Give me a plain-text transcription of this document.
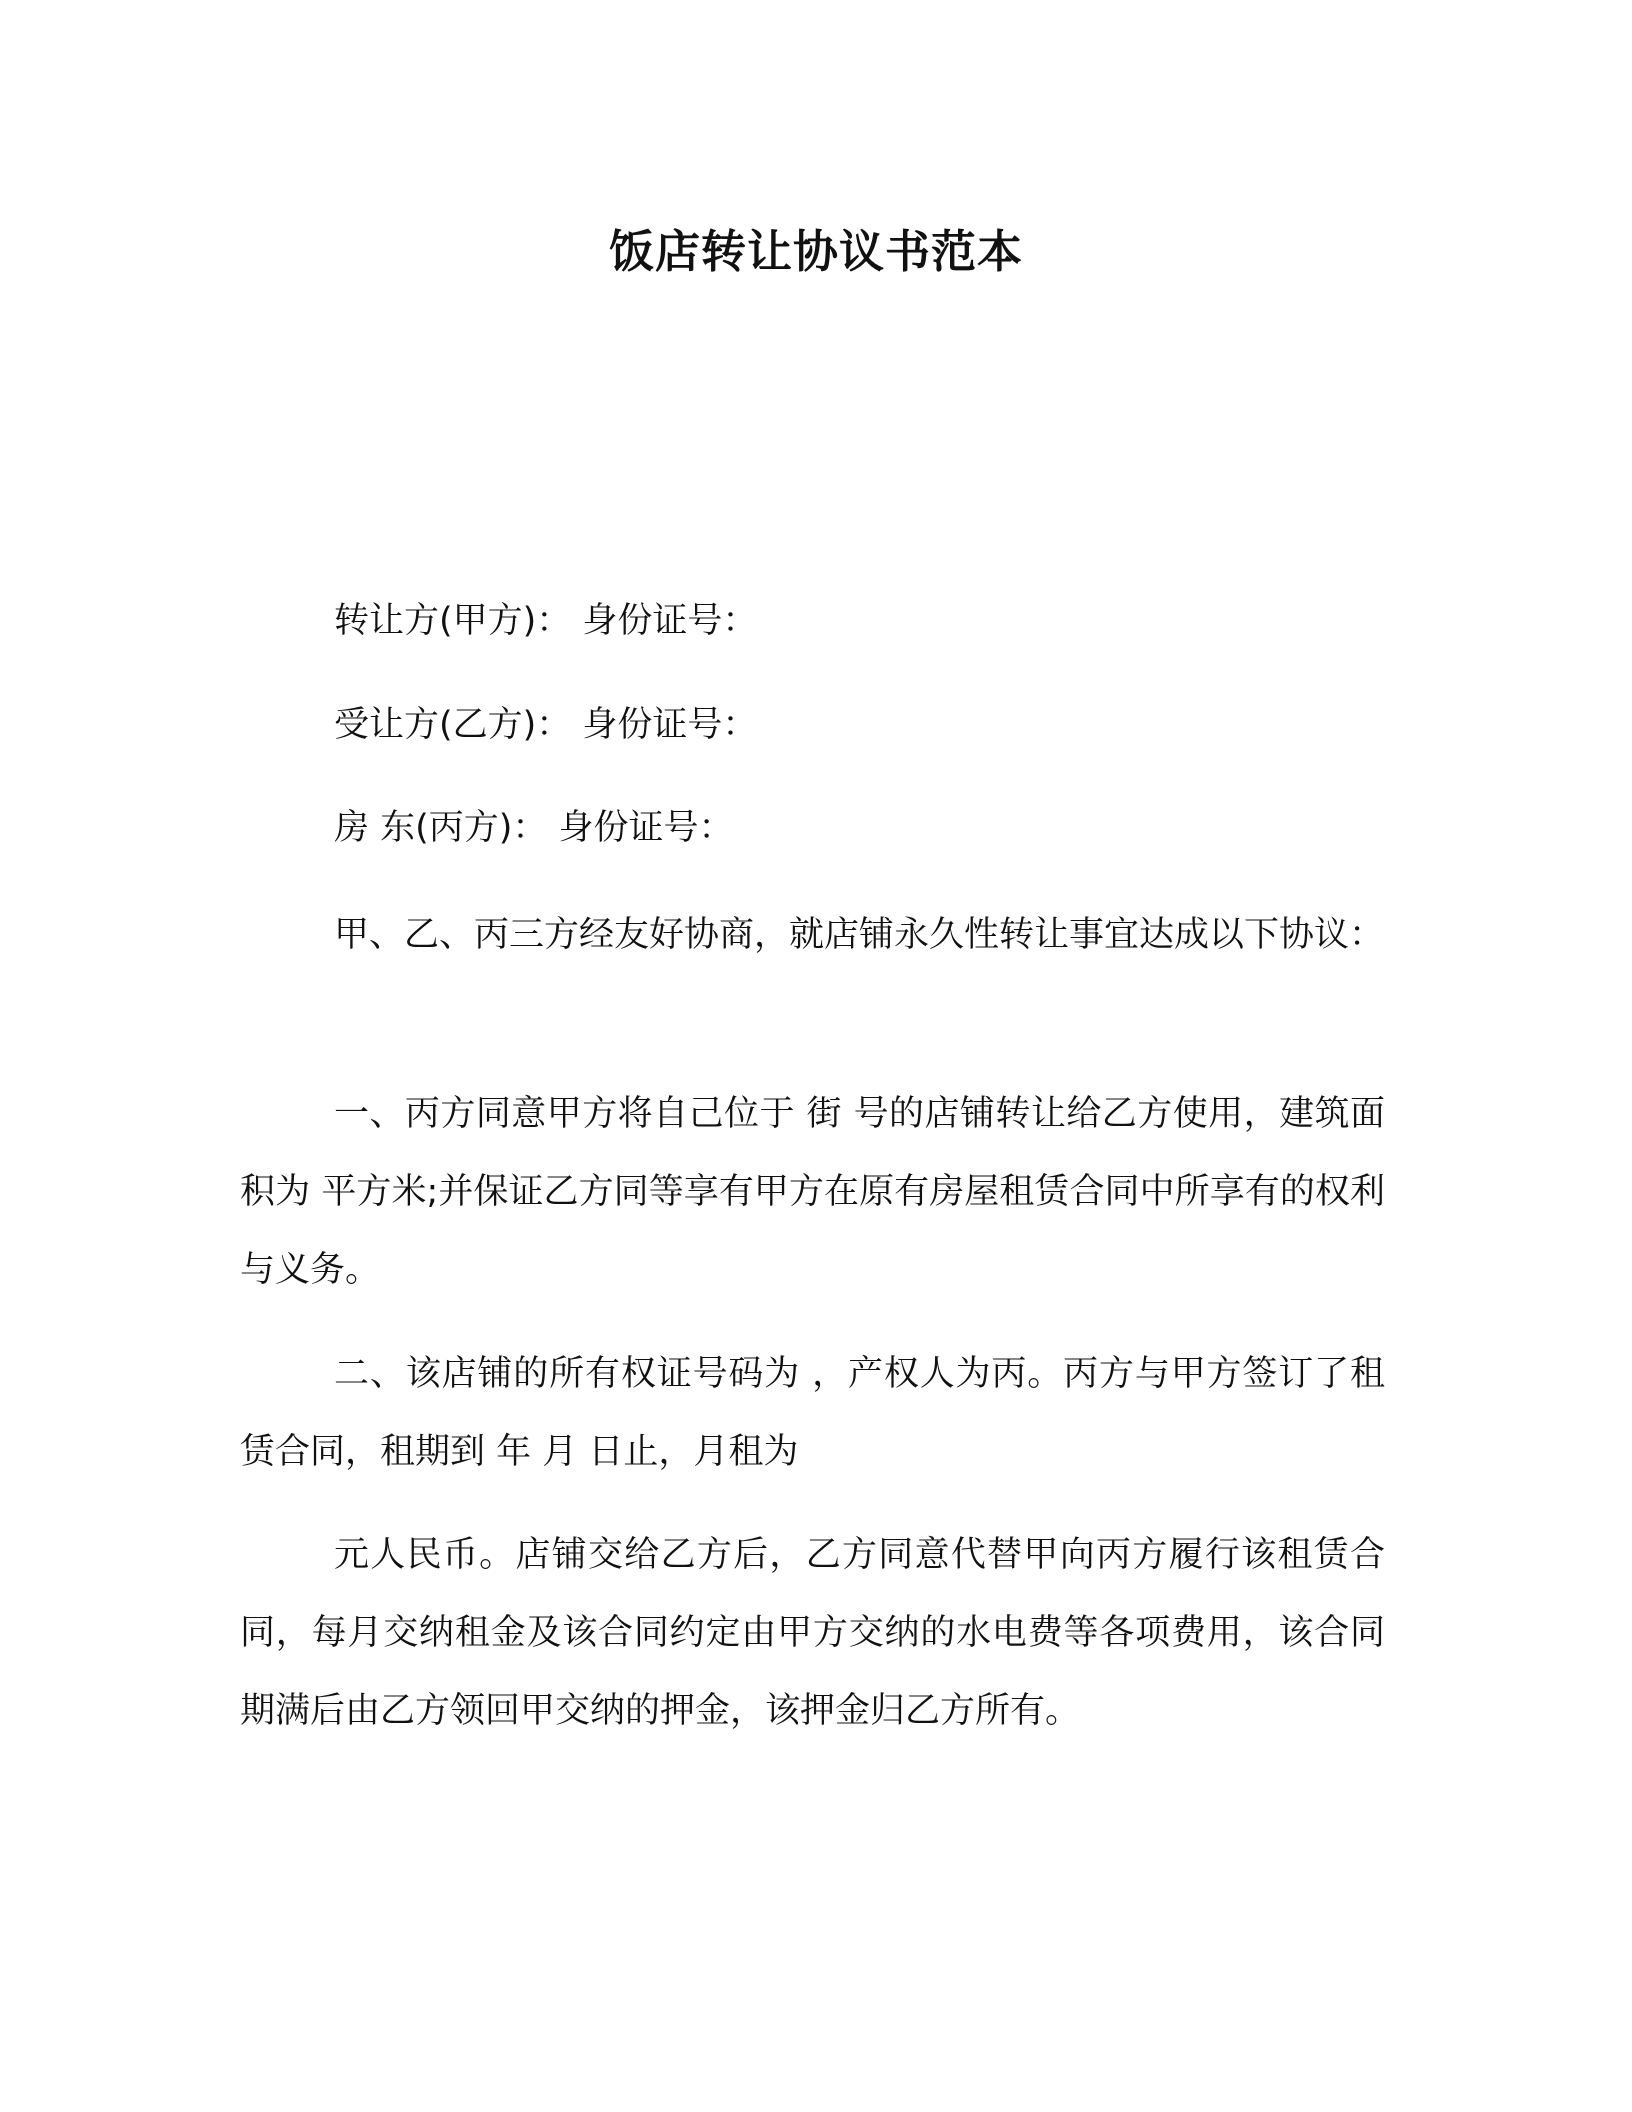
饭店转让协议书范本

转让方(甲方)： 身份证号：

受让方(乙方)： 身份证号：

房 东(丙方)： 身份证号：

甲、乙、丙三方经友好协商，就店铺永久性转让事宜达成以下协议：

一、丙方同意甲方将自己位于 街 号的店铺转让给乙方使用，建筑面积为 平方米;并保证乙方同等享有甲方在原有房屋租赁合同中所享有的权利与义务。

二、该店铺的所有权证号码为 ，产权人为丙。丙方与甲方签订了租赁合同，租期到 年 月 日止，月租为

元人民币。店铺交给乙方后，乙方同意代替甲向丙方履行该租赁合同，每月交纳租金及该合同约定由甲方交纳的水电费等各项费用，该合同期满后由乙方领回甲交纳的押金，该押金归乙方所有。
